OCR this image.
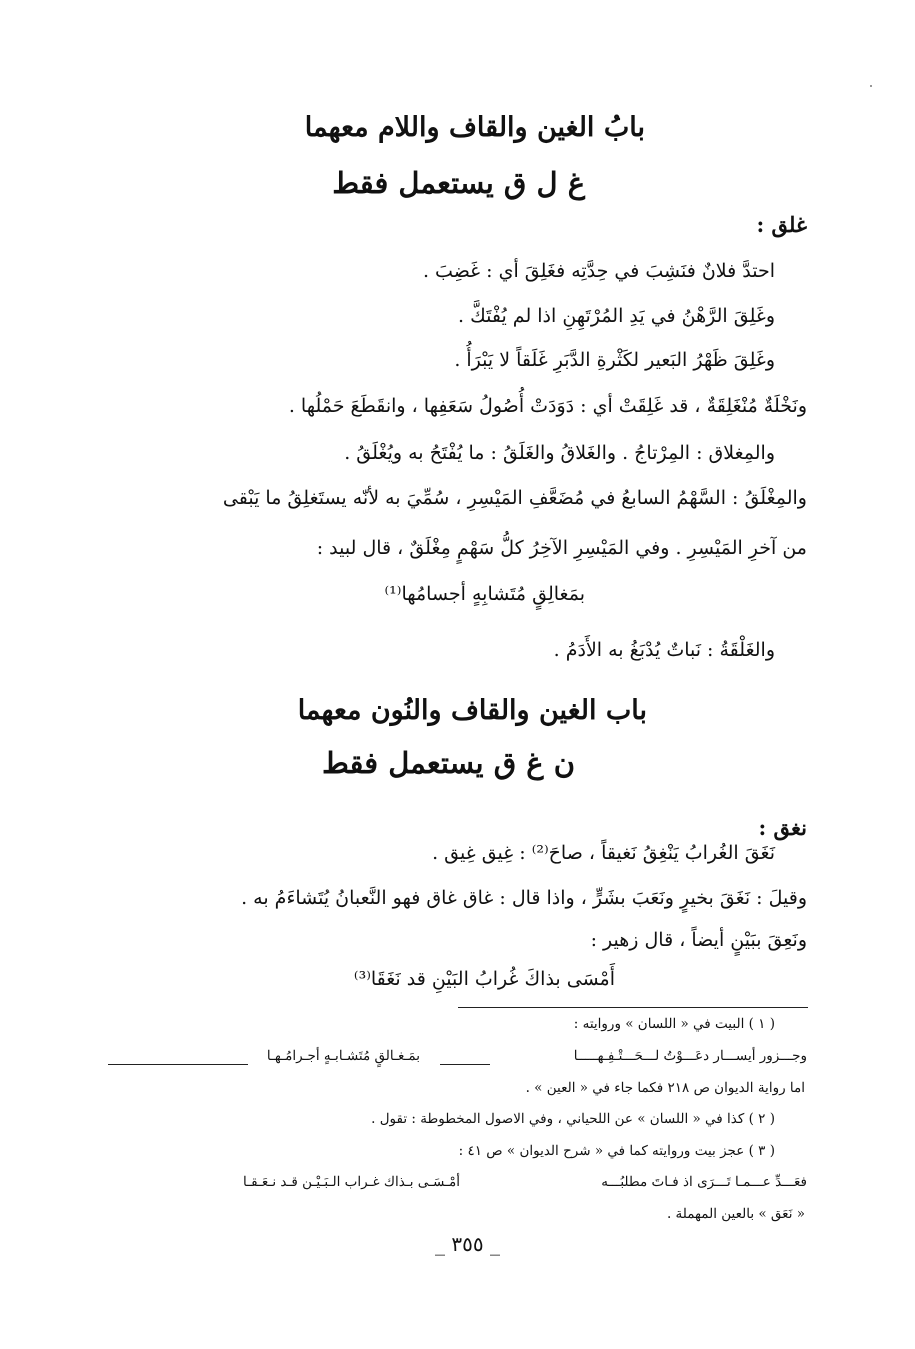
بابُ الغين والقاف واللام معهما
غ ل ق يستعمل فقط
غلق :
احتدَّ فلانٌ فنَشِبَ في حِدَّتِه فغَلِقَ أي : غَضِبَ .
وغَلِقَ الرَّهْنُ في يَدِ المُرْتَهِنِ اذا لم يُفْتَكَّ .
وغَلِقَ ظَهْرُ البَعير لكَثْرةِ الدَّبَرِ غَلَقاً لا يَبْرَأُ .
ونَخْلَةٌ مُنْغَلِقَةٌ ، قد غَلِقَتْ أي : دَوَدَتْ أُصُولُ سَعَفِها ، وانقَطَعَ حَمْلُها .
والمِغلاق : المِرْتاجُ . والغَلاقُ والغَلَقُ : ما يُفْتَحُ به ويُغْلَقُ .
والمِغْلَقُ : السَّهْمُ السابعُ في مُضَعَّفِ المَيْسِرِ ، سُمِّيَ به لأنّه يستَغلِقُ ما يَبْقى
من آخرِ المَيْسِرِ . وفي المَيْسِرِ الآخِرُ كلُّ سَهْمٍ مِغْلَقٌ ، قال لبيد :
بمَغالِقٍ مُتَشابِهٍ أجسامُها⁽¹⁾
والغَلْقَةُ : نَباتٌ يُدْبَغُ به الأَدَمُ .
باب الغين والقاف والنُون معهما
ن غ ق يستعمل فقط
نغق :
نَغَقَ الغُرابُ يَنْغِقُ نَغيقاً ، صاحَ⁽²⁾ : غِيق غِيق .
وقيلَ : نَغَقَ بخيرٍ ونَعَبَ بشَرٍّ ، واذا قال : غاق غاق فهو النَّعبانُ يُتَشاءَمُ به .
ونَعِقَ ببَيْنٍ أيضاً ، قال زهير :
أَمْسَى بذاكَ غُرابُ البَيْنِ قد نَغَقَا⁽³⁾
( ١ ) البيت في « اللسان » وروايته :
وجـــزور أيســـار دعَـــوْتُ لـــحَـــتْـفِـهـــــا
بمَـغـالقٍ مُتَشـابـهٍ أجـرامُـهـا
اما رواية الديوان ص ٢١٨ فكما جاء في « العين » .
( ٢ ) كذا في « اللسان » عن اللحياني ، وفي الاصول المخطوطة : تقول .
( ٣ ) عجز بيت وروايته كما في « شرح الديوان » ص ٤١ :
فعَـــدِّ عـــمـا تَـــرَى اذ فـاتَ مطلبُـــه
أمْـسَـى بـذاك غـراب الـبَـيْـن قـد نـعَـقـا
« نَعَق » بالعين المهملة .
_ ٣٥٥ _
